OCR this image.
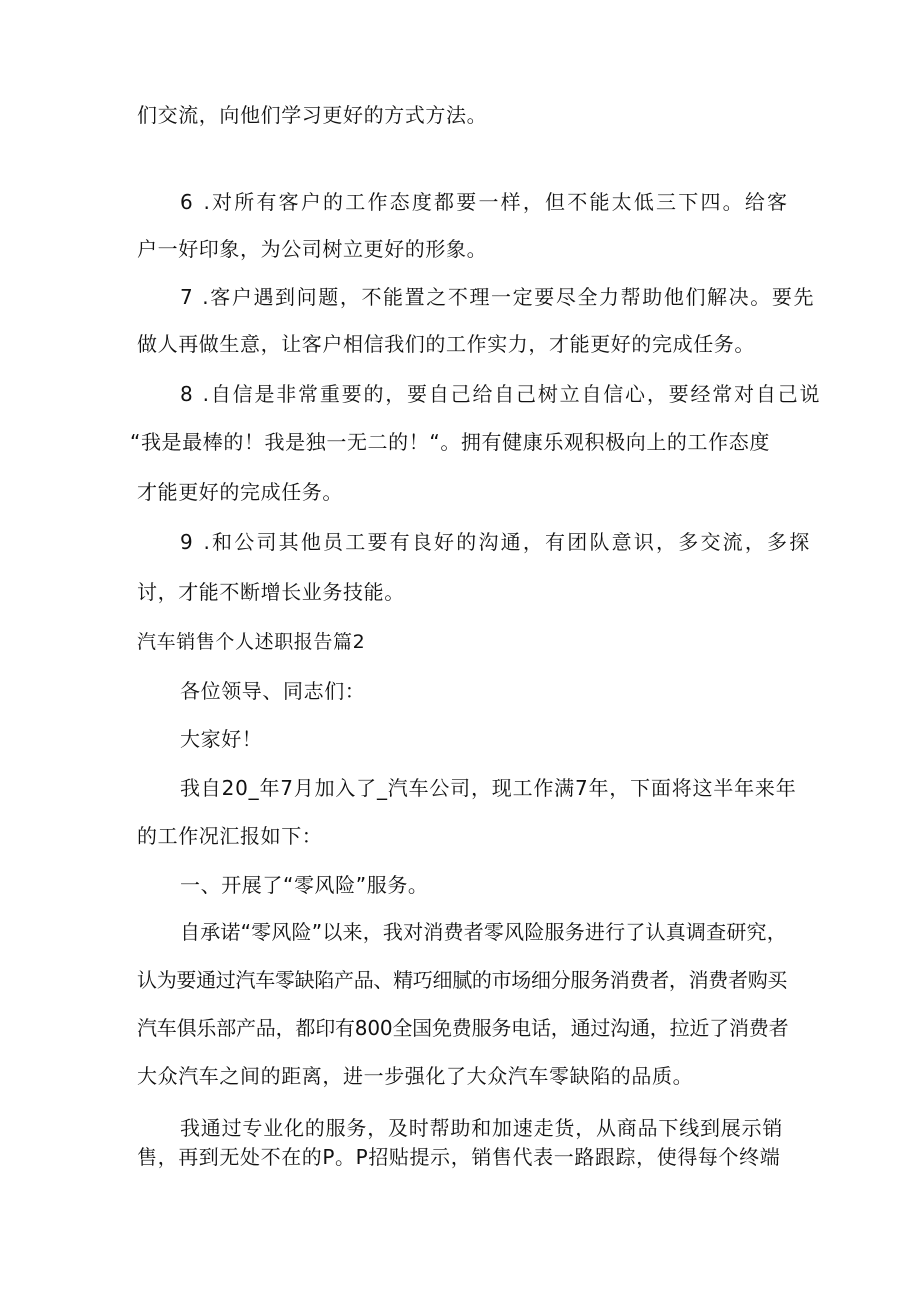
们交流，向他们学习更好的方式方法。
6 .对所有客户的工作态度都要一样，但不能太低三下四。给客
户一好印象，为公司树立更好的形象。
7 .客户遇到问题，不能置之不理一定要尽全力帮助他们解决。要先
做人再做生意，让客户相信我们的工作实力，才能更好的完成任务。
8 .自信是非常重要的，要自己给自己树立自信心，要经常对自己说
“我是最棒的！我是独一无二的！“。拥有健康乐观积极向上的工作态度
才能更好的完成任务。
9 .和公司其他员工要有良好的沟通，有团队意识，多交流，多探
讨，才能不断增长业务技能。
汽车销售个人述职报告篇2
各位领导、同志们：
大家好！
我自20_年7月加入了_汽车公司，现工作满7年，下面将这半年来年
的工作况汇报如下：
一、开展了“零风险”服务。
自承诺“零风险”以来，我对消费者零风险服务进行了认真调查研究，
认为要通过汽车零缺陷产品、精巧细腻的市场细分服务消费者，消费者购买
汽车俱乐部产品，都印有800全国免费服务电话，通过沟通，拉近了消费者
大众汽车之间的距离，进一步强化了大众汽车零缺陷的品质。
我通过专业化的服务，及时帮助和加速走货，从商品下线到展示销
售，再到无处不在的P。P招贴提示，销售代表一路跟踪，使得每个终端
